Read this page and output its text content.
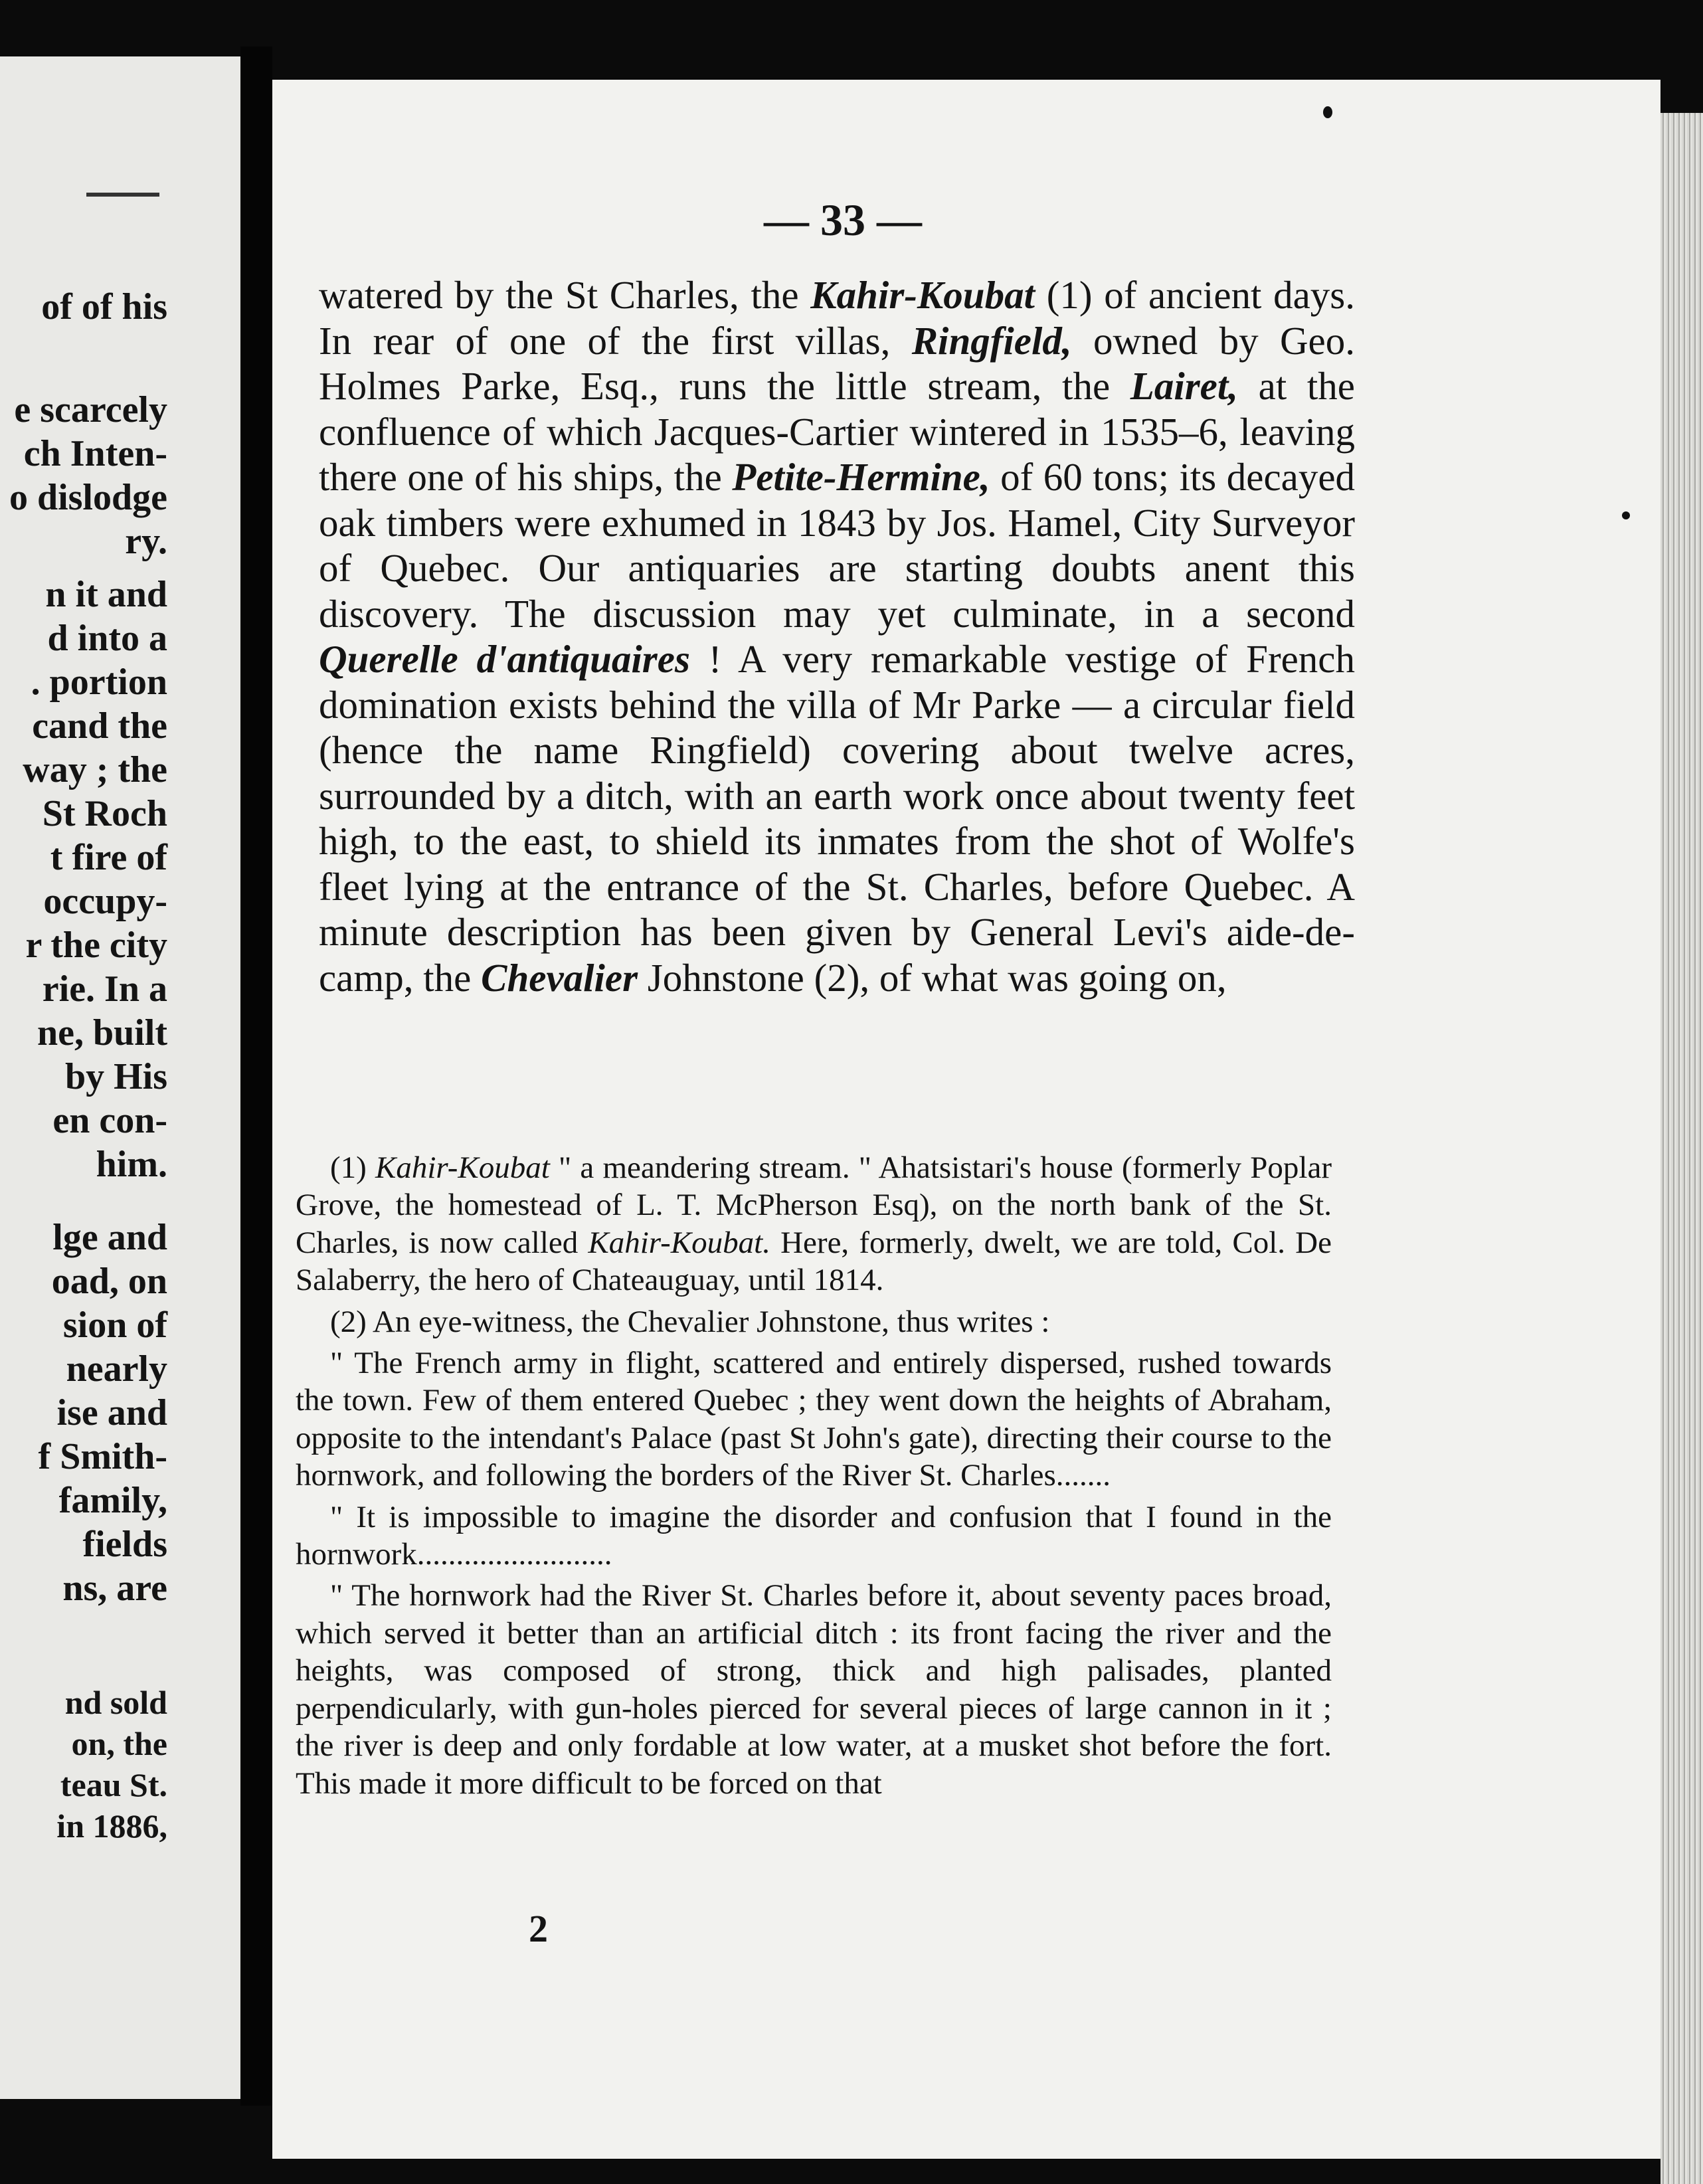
of of his
e scarcely
ch Inten-
o dislodge
ry.
n it and
d into a
. portion
cand the
way ; the
St Roch
t fire of
occupy-
r the city
rie. In a
ne, built
by His
en con-
him.
lge and
oad, on
sion of
nearly
ise and
f Smith-
family,
fields
ns, are
nd sold
on, the
teau St.
in 1886,
— 33 —
watered by the St Charles, the Kahir-Koubat (1) of ancient days. In rear of one of the first villas, Ringfield, owned by Geo. Holmes Parke, Esq., runs the little stream, the Lairet, at the confluence of which Jacques-Cartier wintered in 1535–6, leaving there one of his ships, the Petite-Hermine, of 60 tons; its decayed oak timbers were exhumed in 1843 by Jos. Hamel, City Surveyor of Quebec. Our antiquaries are starting doubts anent this discovery. The discussion may yet culminate, in a second Querelle d'antiquaires ! A very remarkable vestige of French domination exists behind the villa of Mr Parke — a circular field (hence the name Ringfield) covering about twelve acres, surrounded by a ditch, with an earth work once about twenty feet high, to the east, to shield its inmates from the shot of Wolfe's fleet lying at the entrance of the St. Charles, before Quebec. A minute description has been given by General Levi's aide-de-camp, the Chevalier Johnstone (2), of what was going on,

(1) Kahir-Koubat " a meandering stream. " Ahatsistari's house (formerly Poplar Grove, the homestead of L. T. McPherson Esq), on the north bank of the St. Charles, is now called Kahir-Koubat. Here, formerly, dwelt, we are told, Col. De Salaberry, the hero of Chateauguay, until 1814.

(2) An eye-witness, the Chevalier Johnstone, thus writes :

" The French army in flight, scattered and entirely dispersed, rushed towards the town. Few of them entered Quebec ; they went down the heights of Abraham, opposite to the intendant's Palace (past St John's gate), directing their course to the hornwork, and following the borders of the River St. Charles.......

" It is impossible to imagine the disorder and confusion that I found in the hornwork.........................

" The hornwork had the River St. Charles before it, about seventy paces broad, which served it better than an artificial ditch : its front facing the river and the heights, was composed of strong, thick and high palisades, planted perpendicularly, with gun-holes pierced for several pieces of large cannon in it ; the river is deep and only fordable at low water, at a musket shot before the fort. This made it more difficult to be forced on that

2
